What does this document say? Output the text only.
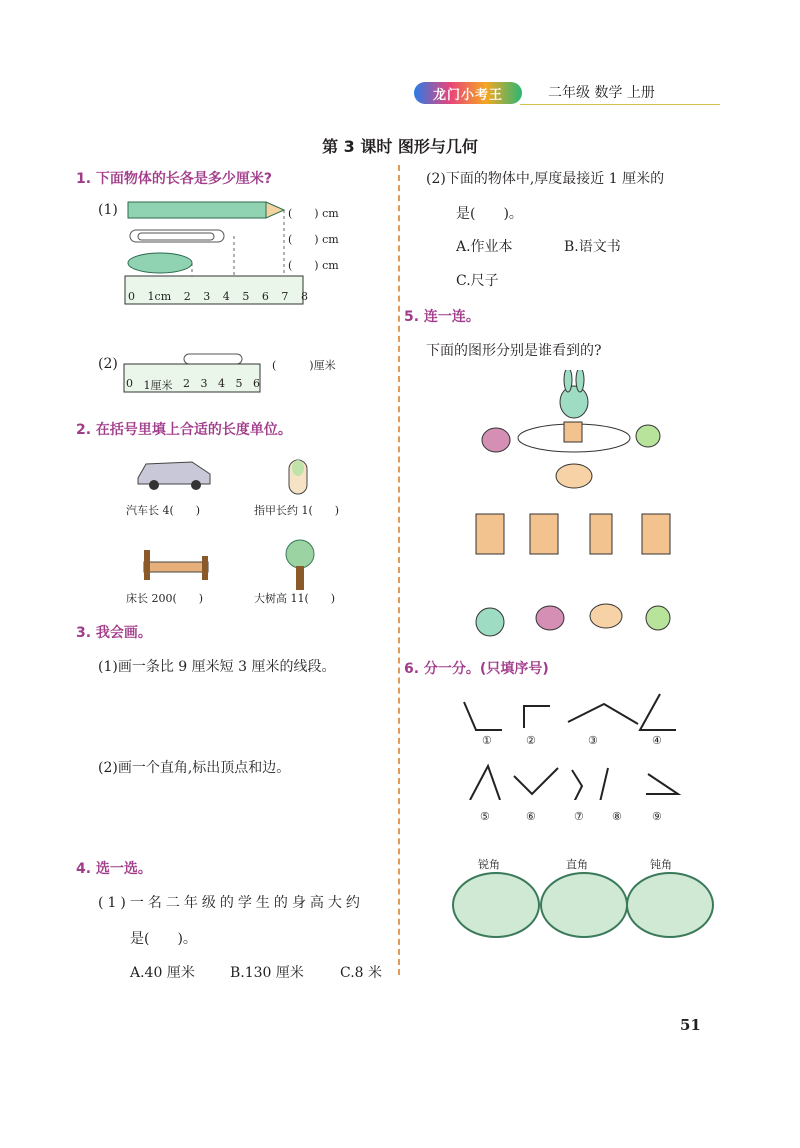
龙门小考王	二年级 数学 上册
第 3 课时 图形与几何
1. 下面物体的长各是多少厘米?
(1)	(　　) cm
(　　) cm
(　　) cm
0 1cm 2 3 4 5 6 7 8
(2)
0 1厘米 2 3 4 5 6
(　　　)厘米
2. 在括号里填上合适的长度单位。
汽车长 4(　　)	指甲长约 1(　　)
床长 200(　　)	大树高 11(　　)
3. 我会画。
(1)画一条比 9 厘米短 3 厘米的线段。
(2)画一个直角,标出顶点和边。
4. 选一选。
(1)一名二年级的学生的身高大约
是(　　)。
A.40 厘米	B.130 厘米	C.8 米
(2)下面的物体中,厚度最接近 1 厘米的
是(　　)。
A.作业本	B.语文书
C.尺子
5. 连一连。
下面的图形分别是谁看到的?
6. 分一分。(只填序号)
①	②	③	④
⑤	⑥	⑦	⑧	⑨
锐角	直角	钝角
51
